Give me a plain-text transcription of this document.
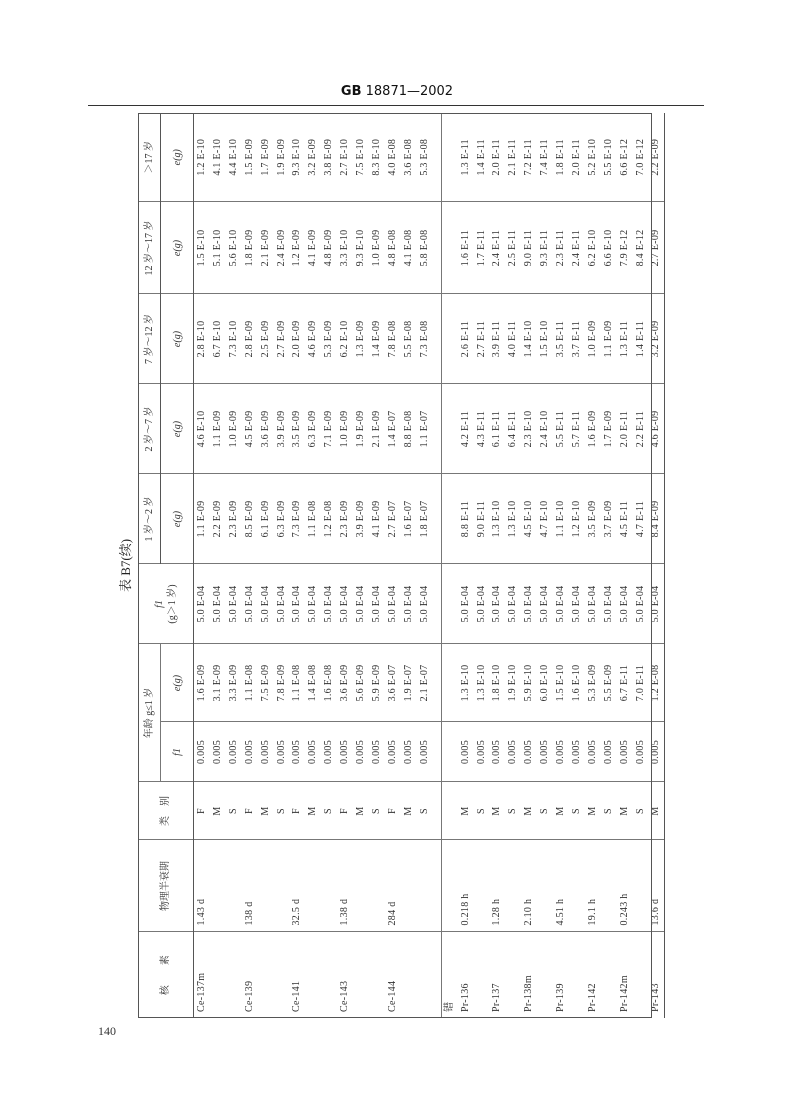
GB 18871—2002
表 B7(续)
核　　素	物理半衰期	类　别	年龄 g≤1 岁		f1 (g＞1 岁)	1 岁～2 岁	2 岁～7 岁	7 岁～12 岁	12 岁～17 岁	＞17 岁
			f1	e(g)		e(g)	e(g)	e(g)	e(g)	e(g)
Ce-137m	1.43 d	F	0.005	1.6 E-09	5.0 E-04	1.1 E-09	4.6 E-10	2.8 E-10	1.5 E-10	1.2 E-10
		M	0.005	3.1 E-09	5.0 E-04	2.2 E-09	1.1 E-09	6.7 E-10	5.1 E-10	4.1 E-10
		S	0.005	3.3 E-09	5.0 E-04	2.3 E-09	1.0 E-09	7.3 E-10	5.6 E-10	4.4 E-10
Ce-139	138 d	F	0.005	1.1 E-08	5.0 E-04	8.5 E-09	4.5 E-09	2.8 E-09	1.8 E-09	1.5 E-09
		M	0.005	7.5 E-09	5.0 E-04	6.1 E-09	3.6 E-09	2.5 E-09	2.1 E-09	1.7 E-09
		S	0.005	7.8 E-09	5.0 E-04	6.3 E-09	3.9 E-09	2.7 E-09	2.4 E-09	1.9 E-09
Ce-141	32.5 d	F	0.005	1.1 E-08	5.0 E-04	7.3 E-09	3.5 E-09	2.0 E-09	1.2 E-09	9.3 E-10
		M	0.005	1.4 E-08	5.0 E-04	1.1 E-08	6.3 E-09	4.6 E-09	4.1 E-09	3.2 E-09
		S	0.005	1.6 E-08	5.0 E-04	1.2 E-08	7.1 E-09	5.3 E-09	4.8 E-09	3.8 E-09
Ce-143	1.38 d	F	0.005	3.6 E-09	5.0 E-04	2.3 E-09	1.0 E-09	6.2 E-10	3.3 E-10	2.7 E-10
		M	0.005	5.6 E-09	5.0 E-04	3.9 E-09	1.9 E-09	1.3 E-09	9.3 E-10	7.5 E-10
		S	0.005	5.9 E-09	5.0 E-04	4.1 E-09	2.1 E-09	1.4 E-09	1.0 E-09	8.3 E-10
Ce-144	284 d	F	0.005	3.6 E-07	5.0 E-04	2.7 E-07	1.4 E-07	7.8 E-08	4.8 E-08	4.0 E-08
		M	0.005	1.9 E-07	5.0 E-04	1.6 E-07	8.8 E-08	5.5 E-08	4.1 E-08	3.6 E-08
		S	0.005	2.1 E-07	5.0 E-04	1.8 E-07	1.1 E-07	7.3 E-08	5.8 E-08	5.3 E-08

镨										
Pr-136	0.218 h	M	0.005	1.3 E-10	5.0 E-04	8.8 E-11	4.2 E-11	2.6 E-11	1.6 E-11	1.3 E-11
		S	0.005	1.3 E-10	5.0 E-04	9.0 E-11	4.3 E-11	2.7 E-11	1.7 E-11	1.4 E-11
Pr-137	1.28 h	M	0.005	1.8 E-10	5.0 E-04	1.3 E-10	6.1 E-11	3.9 E-11	2.4 E-11	2.0 E-11
		S	0.005	1.9 E-10	5.0 E-04	1.3 E-10	6.4 E-11	4.0 E-11	2.5 E-11	2.1 E-11
Pr-138m	2.10 h	M	0.005	5.9 E-10	5.0 E-04	4.5 E-10	2.3 E-10	1.4 E-10	9.0 E-11	7.2 E-11
		S	0.005	6.0 E-10	5.0 E-04	4.7 E-10	2.4 E-10	1.5 E-10	9.3 E-11	7.4 E-11
Pr-139	4.51 h	M	0.005	1.5 E-10	5.0 E-04	1.1 E-10	5.5 E-11	3.5 E-11	2.3 E-11	1.8 E-11
		S	0.005	1.6 E-10	5.0 E-04	1.2 E-10	5.7 E-11	3.7 E-11	2.4 E-11	2.0 E-11
Pr-142	19.1 h	M	0.005	5.3 E-09	5.0 E-04	3.5 E-09	1.6 E-09	1.0 E-09	6.2 E-10	5.2 E-10
		S	0.005	5.5 E-09	5.0 E-04	3.7 E-09	1.7 E-09	1.1 E-09	6.6 E-10	5.5 E-10
Pr-142m	0.243 h	M	0.005	6.7 E-11	5.0 E-04	4.5 E-11	2.0 E-11	1.3 E-11	7.9 E-12	6.6 E-12
		S	0.005	7.0 E-11	5.0 E-04	4.7 E-11	2.2 E-11	1.4 E-11	8.4 E-12	7.0 E-12
Pr-143	13.6 d	M	0.005	1.2 E-08	5.0 E-04	8.4 E-09	4.6 E-09	3.2 E-09	2.7 E-09	2.2 E-09
140
